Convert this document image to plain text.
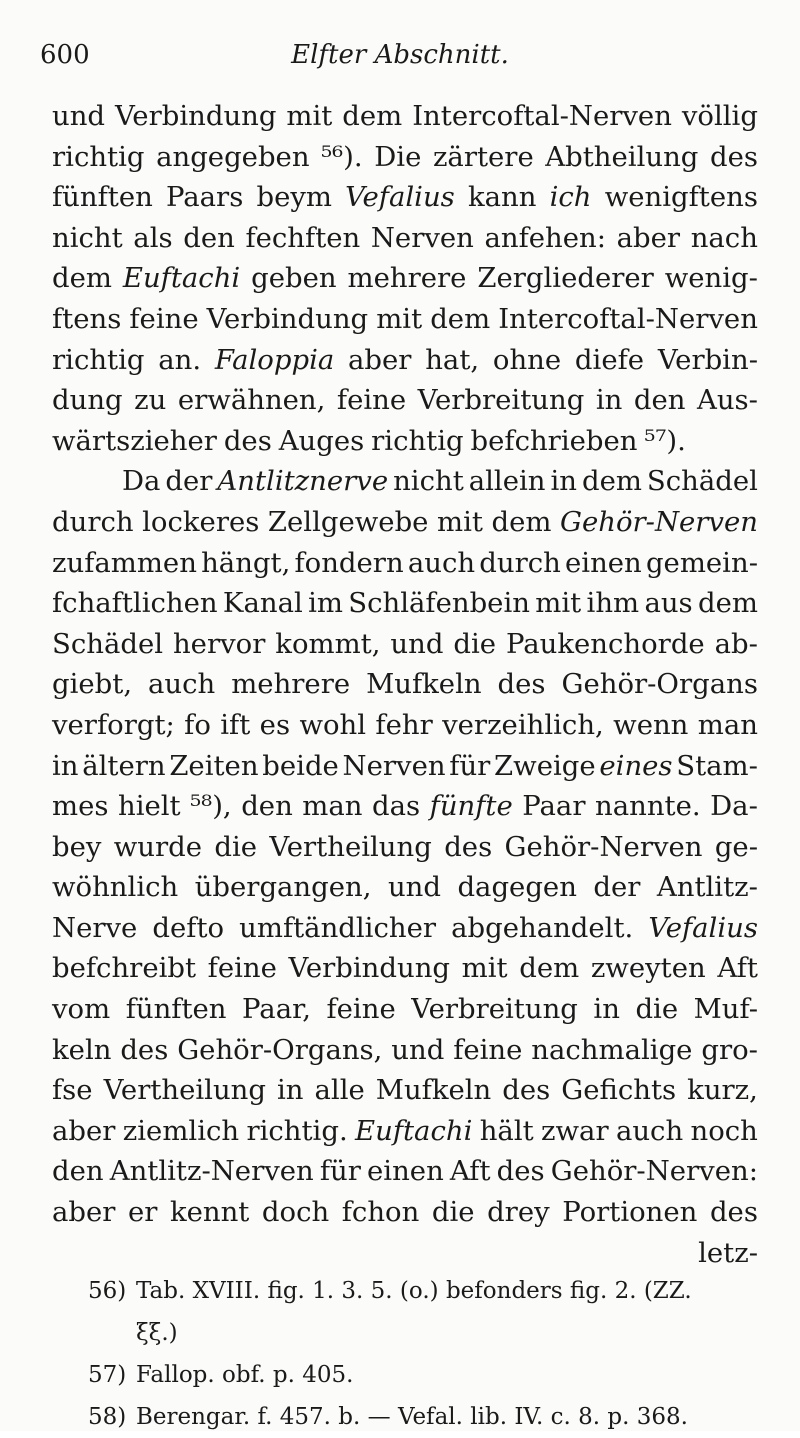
600	Elfter Abschnitt.
und Verbindung mit dem Intercoftal-Nerven völlig
richtig angegeben ⁵⁶). Die zärtere Abtheilung des
fünften Paars beym Vefalius kann ich wenigftens
nicht als den fechften Nerven anfehen: aber nach
dem Euftachi geben mehrere Zergliederer wenig-
ftens feine Verbindung mit dem Intercoftal-Nerven
richtig an. Faloppia aber hat, ohne diefe Verbin-
dung zu erwähnen, feine Verbreitung in den Aus-
wärtszieher des Auges richtig befchrieben ⁵⁷).
Da der Antlitznerve nicht allein in dem Schädel
durch lockeres Zellgewebe mit dem Gehör-Nerven
zufammen hängt, fondern auch durch einen gemein-
fchaftlichen Kanal im Schläfenbein mit ihm aus dem
Schädel hervor kommt, und die Paukenchorde ab-
giebt, auch mehrere Mufkeln des Gehör-Organs
verforgt; fo ift es wohl fehr verzeihlich, wenn man
in ältern Zeiten beide Nerven für Zweige eines Stam-
mes hielt ⁵⁸), den man das fünfte Paar nannte. Da-
bey wurde die Vertheilung des Gehör-Nerven ge-
wöhnlich übergangen, und dagegen der Antlitz-
Nerve defto umftändlicher abgehandelt. Vefalius
befchreibt feine Verbindung mit dem zweyten Aft
vom fünften Paar, feine Verbreitung in die Muf-
keln des Gehör-Organs, und feine nachmalige gro-
fse Vertheilung in alle Mufkeln des Gefichts kurz,
aber ziemlich richtig. Euftachi hält zwar auch noch
den Antlitz-Nerven für einen Aft des Gehör-Nerven:
aber er kennt doch fchon die drey Portionen des
letz-
56) Tab. XVIII. fig. 1. 3. 5. (o.) befonders fig. 2. (ZZ.
ξξ.)
57) Fallop. obf. p. 405.
58) Berengar. f. 457. b. — Vefal. lib. IV. c. 8. p. 368.
